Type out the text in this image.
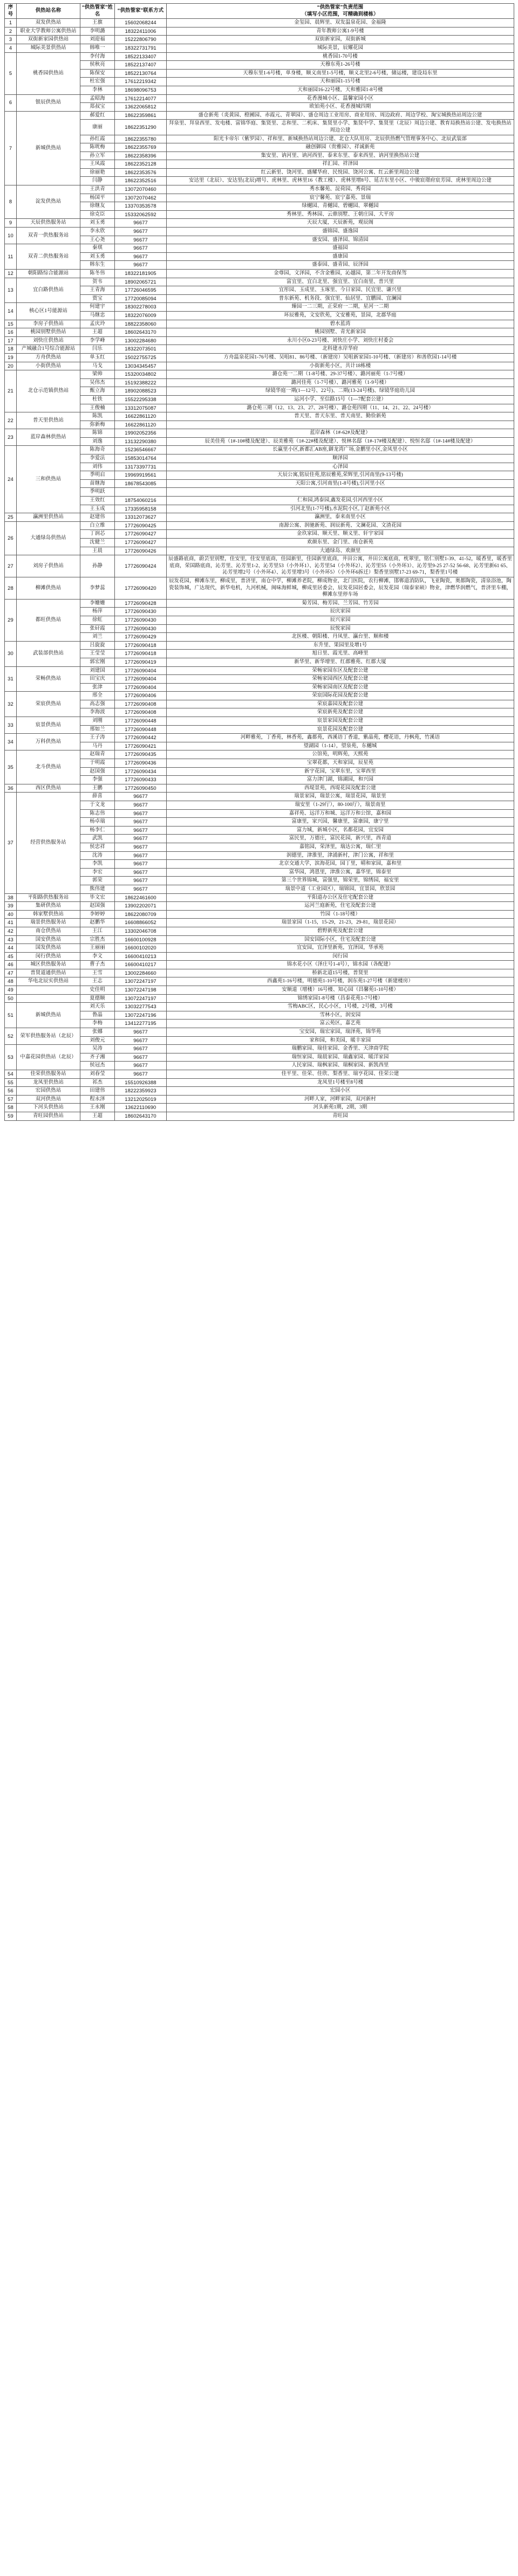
序号	供热站名称	“供热管家”姓名	“供热管家”联系方式	“供热管家”负责范围
（填写小区范围，可精确到楼栋）

1	双发供热站	王旗	15602068244	金玺园、晨辉里、双发温泉花园、金福隆
2	职业大学教师公寓供热站	李明潞	18322411006	青年教师公寓1-9号楼
3	双街新家园供热站	刘迎福	15222806790	双街新家园，双街新城
4	城际美景供热站	韩唯一	18322731791	城际美景，辰耀花园
5	桃香园供热站	李付海	18522133407	桃香园1-70号楼
		侯秋亮	18522137407	天穆东苑1-26号楼
		陈保安	18522130764	天穆东里1-6号楼，单身楼，顺义南里1-5号楼，顺义北里2-6号楼，储运楼，建设局东里
		杜宏强	17612219342	天和丽园1-15号楼
		李林	18698096753	天和丽园16-22号楼，天和雅园1-8号楼
6	银辰供热站	孟昭海	17612214077	花香漫城小区、温馨家园小区
		郑叔宝	13622065812	欧铂苑小区、花香漫城四期
7	新城供热站	郝爱红	18622359861	盛仓新苑（炎黄园、橙圃园、赤霞元、青翠园）、盛仓周边工业用房、商业用房、周边政府、周边学校、淘宝城换热站周边公建
		康丽	18622351290	拜泉里、拜泉西里、发电楼、富锦华庭、集贤里、志和里、二机床、集贤里小学、集贤中学、集贤里（北辰）周边公建、教育局换热站公建、发电换热站周边公建
		孙红霞	18622355780	阳光卡帝尔（紫罗园）、祥和里、新城换热站周边公建、北仓大队用房、北辰供热燃气管理事务中心、北辰武装部
		陈咣梅	18622355769	融创御园（贵雅园）、祥诚新苑
		孙立军	18622358396	集安里、讷河里、讷河西里、泰来东里、泰来西里、讷河里换热站公建
		王凤霞	18622352128	祥汇园、祥泽园
		徐丽艳	18622353576	红云新里、饶河里、盛耀华府、民悦园、饶河公寓、红云新里周边公建
		闫静	18622352516	安达里（北辰）、安达里(北辰)增号、虎林里、虎林里16（教工楼）、虎林里增8号、延吉东里小区、中骏宸璟府宸芳园、虎林里周边公建
8	淀发供热站	王洪青	13072070460	秀水馨苑、淀荷园、秀荷园
		杨国平	13072070462	宸宁馨苑、宸宁嘉苑、景瑞
		徐继友	13370353578	绿樾园、青樾园、碧樾园、翠樾园
		徐克臣	15332062592	秀林里、秀林园、云鼎别墅、王朝庄园、大平房
9	天辰供热服务站	刘玉勇	96677	天辰大厦，天辰新苑，观辰阁
10	双青一供热服务站	李永欣	96677	盛锦园、盛逸园
		王心尧	96677	盛安园、盛泽园、锦清园
11	双青二供热服务站	秦琪	96677	盛福园
		刘玉勇	96677	盛康园
		韩东生	96677	盛泰园、盛青园、辰泽园
12	朝阳路综合能源站	陈冬伟	18322181905	金尊园，文泽园，不含金雅园，沁越园，第二年开发商保驾
13	宜白路供热站	贺韦	18902065721	富宜里、宜白北里、强宜里、宜白南里、普兴里
		王青海	17726046595	宜彤园、玉成里、玉琢里、今日家园、民宜里、谦兴里
		贾宝	17720085094	普东新苑、机务段、强宜里、仙居里、宜鹏园、宜澜园
14	核心区1号能源站	何建宇	18302278003	臻园一二三期，正荣府一二期，星河一二期
		马继忠	18322076009	环辰雅苑，文安欣苑，文安雅苑，景园，北郡华庭
15	李房子供热站	孟庆玲	18822358060	碧水蓝湾
16	桃园别墅供热站	王超	18602643170	桃园别墅、青光新家园
17	刘快庄供热站	李学峰	13002284680	永川小区0-23号楼、刘快庄小学、刘快庄村委会
18	产城融合1号综合能源站	闫乐	18322073501	北科建水岸华府
19	方舟供热站	单玉红	15022755725	方舟温泉花园1-76号楼、吴咀81、86号楼、（新建房）吴咀新家园1-10号楼、（新建房）和善欣园1-14号楼
20	小街供热站	马戈	13034345457	小街新苑小区，共计18栋楼
21	北仓示范镇供热站	梁帅	15320034802	潞仓苑一二期（1-8号楼、29-37号楼）、潞河丽苑（1-7号楼）
		吴伟杰	15192388222	潞河佳苑（1-7号楼）、潞河雅苑（1-9号楼）
		甄立海	18902088523	绿镜华庭一期(1—12号、22号)、二期(13-24号楼)、绿镜华庭幼儿园
		杜铁	15522295338	运河小学、至信路15号（1—7配套公建）
		王俊楠	13312075087	潞仓苑三期（12、13、23、27、28号楼）、潞仓苑四期（11、14、21、22、24号楼）
22	普天里供热站	陈凯	16622861120	普天里、普天东里、普天南里、勤俭新苑
		弥新梅	16622861120	
23	蓝岸森林供热站	陈锦	19902052356	蓝岸森林（1#-62#及配建）
		刘逸	13132290380	辰美佳苑（1#-10#楼及配建）、辰美雅苑（1#-22#楼及配建）、悦林名邸（1#-17#楼及配建）、悦恒名邸（1#-14#楼及配建）
24	三和供热站	陈海奇	15236546667	长赢里小区,新都汇AB座,御龙湾广场,金鹏里小区,金凤里小区
		李爱法	15853014764	顺泽园
		刘伟	13173397731	心泽园
		季明启	19969919561	天辰公寓,铭辰佳苑,铭辰雅苑,荣辉里,引河南里(9-13号楼)
		苗继海	18678543085	天阳公寓,引河南里(1-8号楼),引河里小区
		季明跃		
		王效红	18754060216	仁和园,鸿泰园,鑫发花园,引河西里小区
		王玉成	17335958158	引河北里(1-7号楼),水泥院小区,丁赵新苑小区
25	瀛洲里供热站	赵建伟	13312073627	瀛洲里，泰来南里小区
26	大通绿岛供热站	白立维	17726090425	南源公寓、润驰新苑、润辰新苑、文澜花园、文渣花园
		丁润芯	17726090427	金玖家园、顺天里、顺义里、轩宇家园
		沈健兰	17726090427	欢颜东里、金门里、南仓新苑
		王晨	17726090426	大通绿岛、欢颜里
27	刘房子供热站	孙静	17726090424	辰盛路底商，蔚芸里别墅，佳安里，佳安里底商，佳园新里，佳园新里底商，井田公寓，井田公寓底商，枕翠里，铭仁别墅1-39、41-52，暖香里，暖香里底商，荣国路底商，沁芳里、沁芳里1-2、沁芳里53（小外环1）、沁芳里54（小外环2）、沁芳里55（小外环3）、沁芳里9-25 27-52 56-68、沁芳里新61 65、沁芳里增2号（小外环4）、沁芳里增3号（小外环5）（小外环6拆迁）梨香里别墅17-23 69-71，梨香里1号楼
28	柳滩供热站	李梦蕊	17726090420	辰发花园，柳滩东里，柳成里，普济里，南仓中学，柳滩养老院，柳成物业，北门医院，农行柳滩，邯郸道消防队，飞亚陶瓷，奥都陶瓷，清泉浴池，陶瓷装饰城，广达现代，新华电机，九河机械，闽味海鲜城，柳成里居委会，辰发花园居委会，辰发花园（瑞泰家硕）物业，津燃华润燃气，普济里车棚，柳滩东里停车场
29	都旺供热站	李姗姗	17726090428	菊芳园、梅芳园、兰芳园、竹芳园
		杨萍	17726090430	辰庆家园
		徐虹	17726090430	辰兴家园
		张矸霞	17726090430	辰悦家园
		刘兰	17726090429	北医楼、朝阳楼、丹凤里、瀛台里、顺和楼
30	武装部供热站	吕旋旋	17726090418	东升里、果园里及增1号
		王莹莹	17726090418	旭日里、霞光里、高峰里
		郭宏刚	17726090419	新华里、新华增里、红郡雅苑、红郡大厦
31	荣畅供热站	刘建国	17726090404	荣畅家园东区及配套公建
		田宝庆	17726090404	荣畅家园西区及配套公建
		张津	17726090404	荣畅家园南区及配套公建
32	荣宸供热站	邢全	17726090406	荣宸国际花园及配套公建
		高志强	17726090408	荣宸嘉园及配套公建
		李海波	17726090408	荣宸新苑及配套公建
33	宸景供热站	刘刚	17726090448	宸景家园及配套公建
		邢如兰	17726090448	宸景花园及配套公建
34	万科供热站	王子涛	17726090442	河畔雅苑，丁香苑，林香苑，鑫都苑，西溪语丁香道，紫晶苑，樱花语，丹枫苑，竹溪语
		马丹	17726090421	望湖园（1-14），望泉苑，东樾城
35	北斗供热站	赵瑞青	17726090435	公馆苑，明辉苑，天熙苑
		于明霞	17726090436	宝翠花都，天和家园，辰星苑
		赵国强	17726090434	新宇花园，宝翠东里，宝翠西里
		李强	17726090433	富力津门湖，锦湖园，和兴园
36	西区供热站	王鹏	17726090450	西堤景苑，西堤花园及配套公建
37	经营供热服务站	薛喜	96677	瑞景家园，瑞景公寓，瑞景花园，瑞景里
		于文龙	96677	瑞安里（1-29厅），80-100厅），瑞景南里
		陈志伟	96677	嘉祥苑、远洋万和城、远洋万和公馆，嘉和园
		杨卓瑞	96677	富康里，家兴园，馨康里，富康园，康宁里
		杨李仁	96677	富力城，新城小区，名都花园，宜安园
		武凯	96677	富民里，万德庄，富民花园，新兴里，西青道
		侯忠祥	96677	嘉铭园，荣泽里，瑞达公寓，瑞仁里
		沈涛	96677	润德里，津淮里，津浦新村，津门公寓，祥和里
		李凯	96677	北京交通大学，滨海花园，园丁里，晴和家园，嘉和里
		李宏	96677	富华园，鸿恩里，津淮公寓，嘉华里，锦泰里
		郭荣	96677	第三个世界锦城，富强里，锦荣里，锦绣园，福安里
		熊伟建	96677	瑞景中道（工业园区），瑞锦园，宜景园，欣景园
38	平阳路供热服务站	毕文宏	18622461600	平阳道办公区及住宅配套公建
39	集研供热站	赵国强	13902202071	运河兰庭新苑，住宅及配套公建
40	韩家墅供热站	李婷婷	18622080709	竹园（1-18号楼）
41	瑞景供热服务站	赵鹏华	16608866052	瑞景家园（1-15，15-29，21-23，29-81，瑞景花园）
42	南仓供热站	王江	13302046708	碧野新苑及配套公建
43	国安供热站	宗胜杰	16600100928	国安国际小区，住宅及配套公建
44	国发供热站	王丽丽	16600102020	宜安园，宜泽里新苑，宜泽园，华承苑
45	闵行供热站	李文	16600410213	闵行园
46	城区供热服务站	曹子杰	16600410217	锦水花小区（泽庄号1-4号），锦水园（各配建）
47	普贤道通供热站	王雪	13002284660	桥新北道15号楼，普贤里
48	华电北辰实供热站	王志	13072247197	西鑫苑1-16号楼，明德苑1-10号楼，润东苑1-27号楼（新建楼房）
49		史佳明	13072247198	安顺道（增楼）16号楼、知心园（昌馨苑1-10号楼）
50		夏德顺	13072247197	锦绣家园1-8号楼（昌泰花苑1-7号楼）
51	新城供热站	刘天乐	13032277543	雪梅ABC区，民心小区，1号楼，2号楼，3号楼
		鲁晶	13072247196	雪林小区，润安园
		李梅	13412277195	富云苑区，嘉艺苑
52	荣军供热服务站（北辰）	张娜	96677	宝安园，瑞宏家园，瑞泽苑，锦华苑
		刘俊元	96677	家和园，和美园，暖丰家园
53	中嘉花园供热站（北辰）	吴涛	96677	瑞鹏家园、瑞佳家园、金香里、天津商学院
		齐子湘	96677	瑞恒家园、瑞晨家园、瑞鑫家园、暖洋家园
		侯冠杰	96677	人民家园、瑞枫家园、瑞桐家园、新凯西里
54	佳荣供热服务站	刘春莹	96677	佳平里、佳荣、佳欣、梨香里、瑞亨花园、佳荣公建
55	龙凤里供热站	祁杰	15510926388	龙凤里1号楼至8号楼
56	宏园供热站	田建伟	18222359923	宏园小区
57	双河供热站	程永泽	13212025019	河畔人家，河畔家园，双河新村
58	下河头供热站	王永刚	13622110690	河头新苑1期，2期，3期
59	青旺园供热站	王超	18602643170	青旺园
